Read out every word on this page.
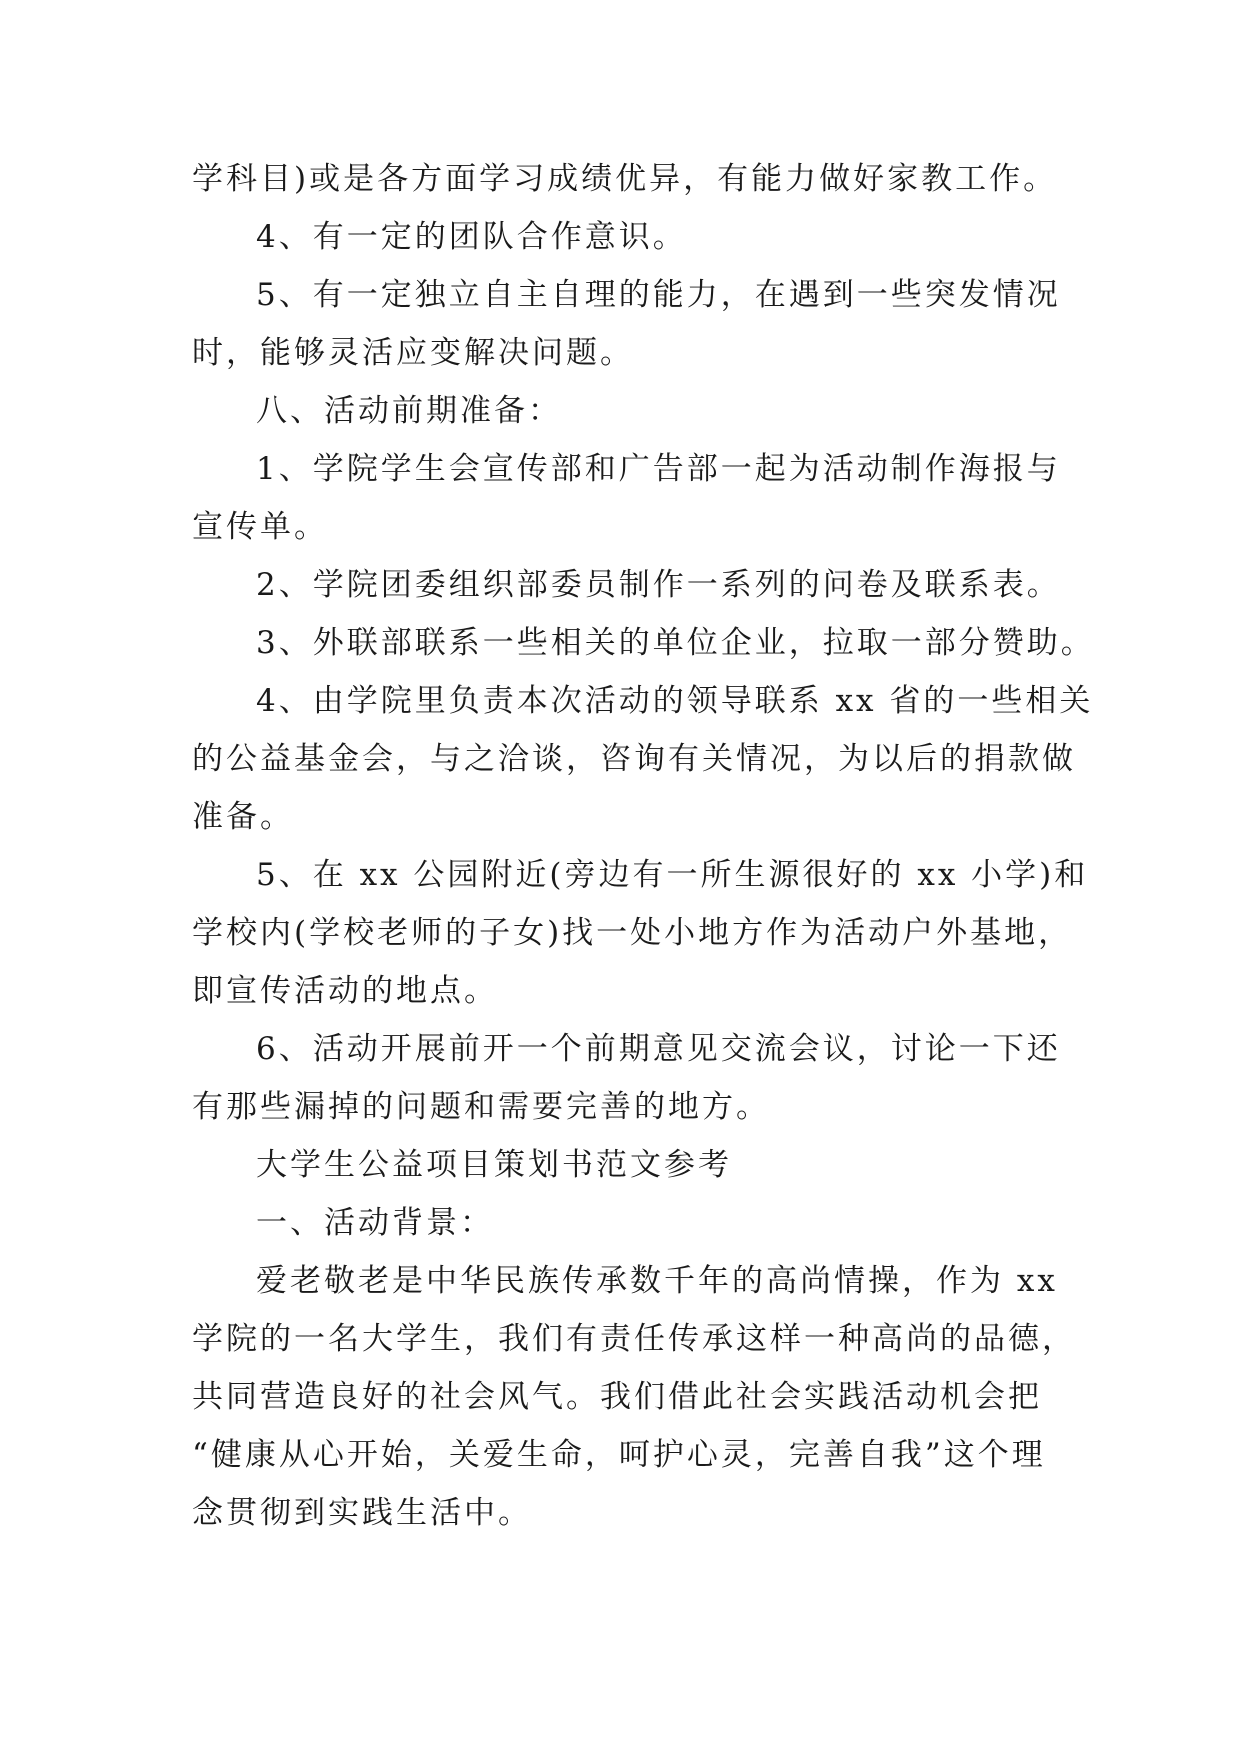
学科目)或是各方面学习成绩优异，有能力做好家教工作。

4、有一定的团队合作意识。

5、有一定独立自主自理的能力，在遇到一些突发情况

时，能够灵活应变解决问题。

八、活动前期准备：

1、学院学生会宣传部和广告部一起为活动制作海报与

宣传单。

2、学院团委组织部委员制作一系列的问卷及联系表。

3、外联部联系一些相关的单位企业，拉取一部分赞助。

4、由学院里负责本次活动的领导联系 xx 省的一些相关

的公益基金会，与之洽谈，咨询有关情况，为以后的捐款做

准备。

5、在 xx 公园附近(旁边有一所生源很好的 xx 小学)和

学校内(学校老师的子女)找一处小地方作为活动户外基地，

即宣传活动的地点。

6、活动开展前开一个前期意见交流会议，讨论一下还

有那些漏掉的问题和需要完善的地方。

大学生公益项目策划书范文参考

一、活动背景：

爱老敬老是中华民族传承数千年的高尚情操，作为 xx

学院的一名大学生，我们有责任传承这样一种高尚的品德，

共同营造良好的社会风气。我们借此社会实践活动机会把

“健康从心开始，关爱生命，呵护心灵，完善自我”这个理

念贯彻到实践生活中。
